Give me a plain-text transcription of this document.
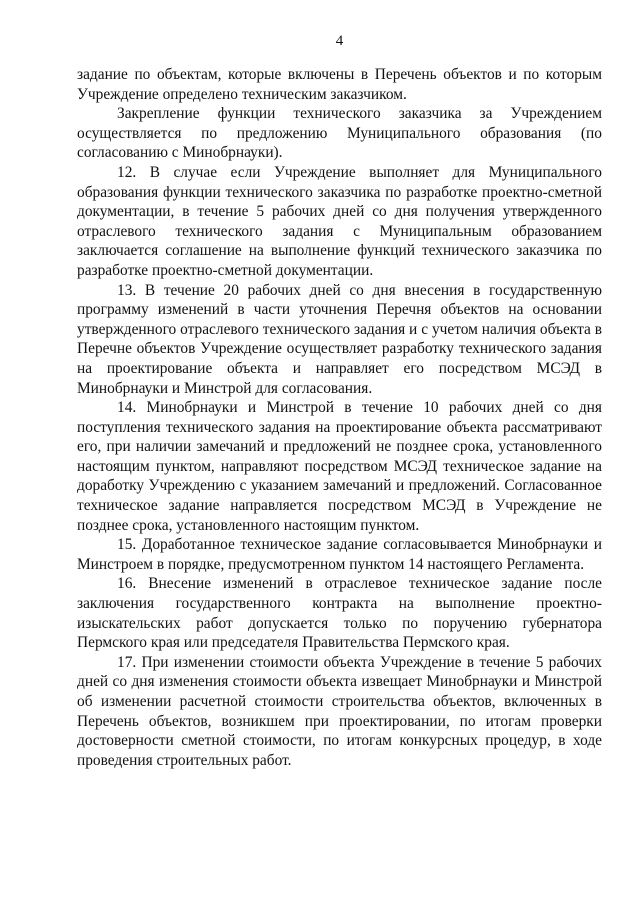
4

задание по объектам, которые включены в Перечень объектов и по которым Учреждение определено техническим заказчиком.

Закрепление функции технического заказчика за Учреждением осуществляется по предложению Муниципального образования (по согласованию с Минобрнауки).

12. В случае если Учреждение выполняет для Муниципального образования функции технического заказчика по разработке проектно-сметной документации, в течение 5 рабочих дней со дня получения утвержденного отраслевого технического задания с Муниципальным образованием заключается соглашение на выполнение функций технического заказчика по разработке проектно-сметной документации.

13. В течение 20 рабочих дней со дня внесения в государственную программу изменений в части уточнения Перечня объектов на основании утвержденного отраслевого технического задания и с учетом наличия объекта в Перечне объектов Учреждение осуществляет разработку технического задания на проектирование объекта и направляет его посредством МСЭД в Минобрнауки и Минстрой для согласования.

14. Минобрнауки и Минстрой в течение 10 рабочих дней со дня поступления технического задания на проектирование объекта рассматривают его, при наличии замечаний и предложений не позднее срока, установленного настоящим пунктом, направляют посредством МСЭД техническое задание на доработку Учреждению с указанием замечаний и предложений. Согласованное техническое задание направляется посредством МСЭД в Учреждение не позднее срока, установленного настоящим пунктом.

15. Доработанное техническое задание согласовывается Минобрнауки и Минстроем в порядке, предусмотренном пунктом 14 настоящего Регламента.

16. Внесение изменений в отраслевое техническое задание после заключения государственного контракта на выполнение проектно-изыскательских работ допускается только по поручению губернатора Пермского края или председателя Правительства Пермского края.

17. При изменении стоимости объекта Учреждение в течение 5 рабочих дней со дня изменения стоимости объекта извещает Минобрнауки и Минстрой об изменении расчетной стоимости строительства объектов, включенных в Перечень объектов, возникшем при проектировании, по итогам проверки достоверности сметной стоимости, по итогам конкурсных процедур, в ходе проведения строительных работ.
